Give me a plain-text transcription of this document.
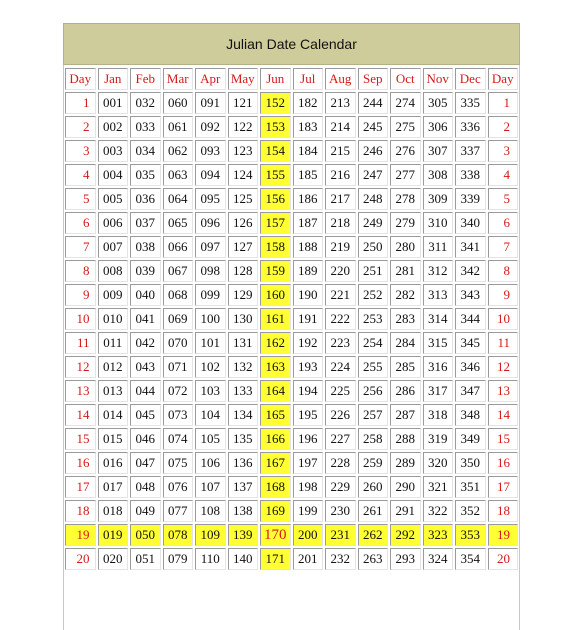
Julian Date Calendar
Day	Jan	Feb	Mar	Apr	May	Jun	Jul	Aug	Sep	Oct	Nov	Dec	Day
1	001	032	060	091	121	152	182	213	244	274	305	335	1
2	002	033	061	092	122	153	183	214	245	275	306	336	2
3	003	034	062	093	123	154	184	215	246	276	307	337	3
4	004	035	063	094	124	155	185	216	247	277	308	338	4
5	005	036	064	095	125	156	186	217	248	278	309	339	5
6	006	037	065	096	126	157	187	218	249	279	310	340	6
7	007	038	066	097	127	158	188	219	250	280	311	341	7
8	008	039	067	098	128	159	189	220	251	281	312	342	8
9	009	040	068	099	129	160	190	221	252	282	313	343	9
10	010	041	069	100	130	161	191	222	253	283	314	344	10
11	011	042	070	101	131	162	192	223	254	284	315	345	11
12	012	043	071	102	132	163	193	224	255	285	316	346	12
13	013	044	072	103	133	164	194	225	256	286	317	347	13
14	014	045	073	104	134	165	195	226	257	287	318	348	14
15	015	046	074	105	135	166	196	227	258	288	319	349	15
16	016	047	075	106	136	167	197	228	259	289	320	350	16
17	017	048	076	107	137	168	198	229	260	290	321	351	17
18	018	049	077	108	138	169	199	230	261	291	322	352	18
19	019	050	078	109	139	170	200	231	262	292	323	353	19
20	020	051	079	110	140	171	201	232	263	293	324	354	20
